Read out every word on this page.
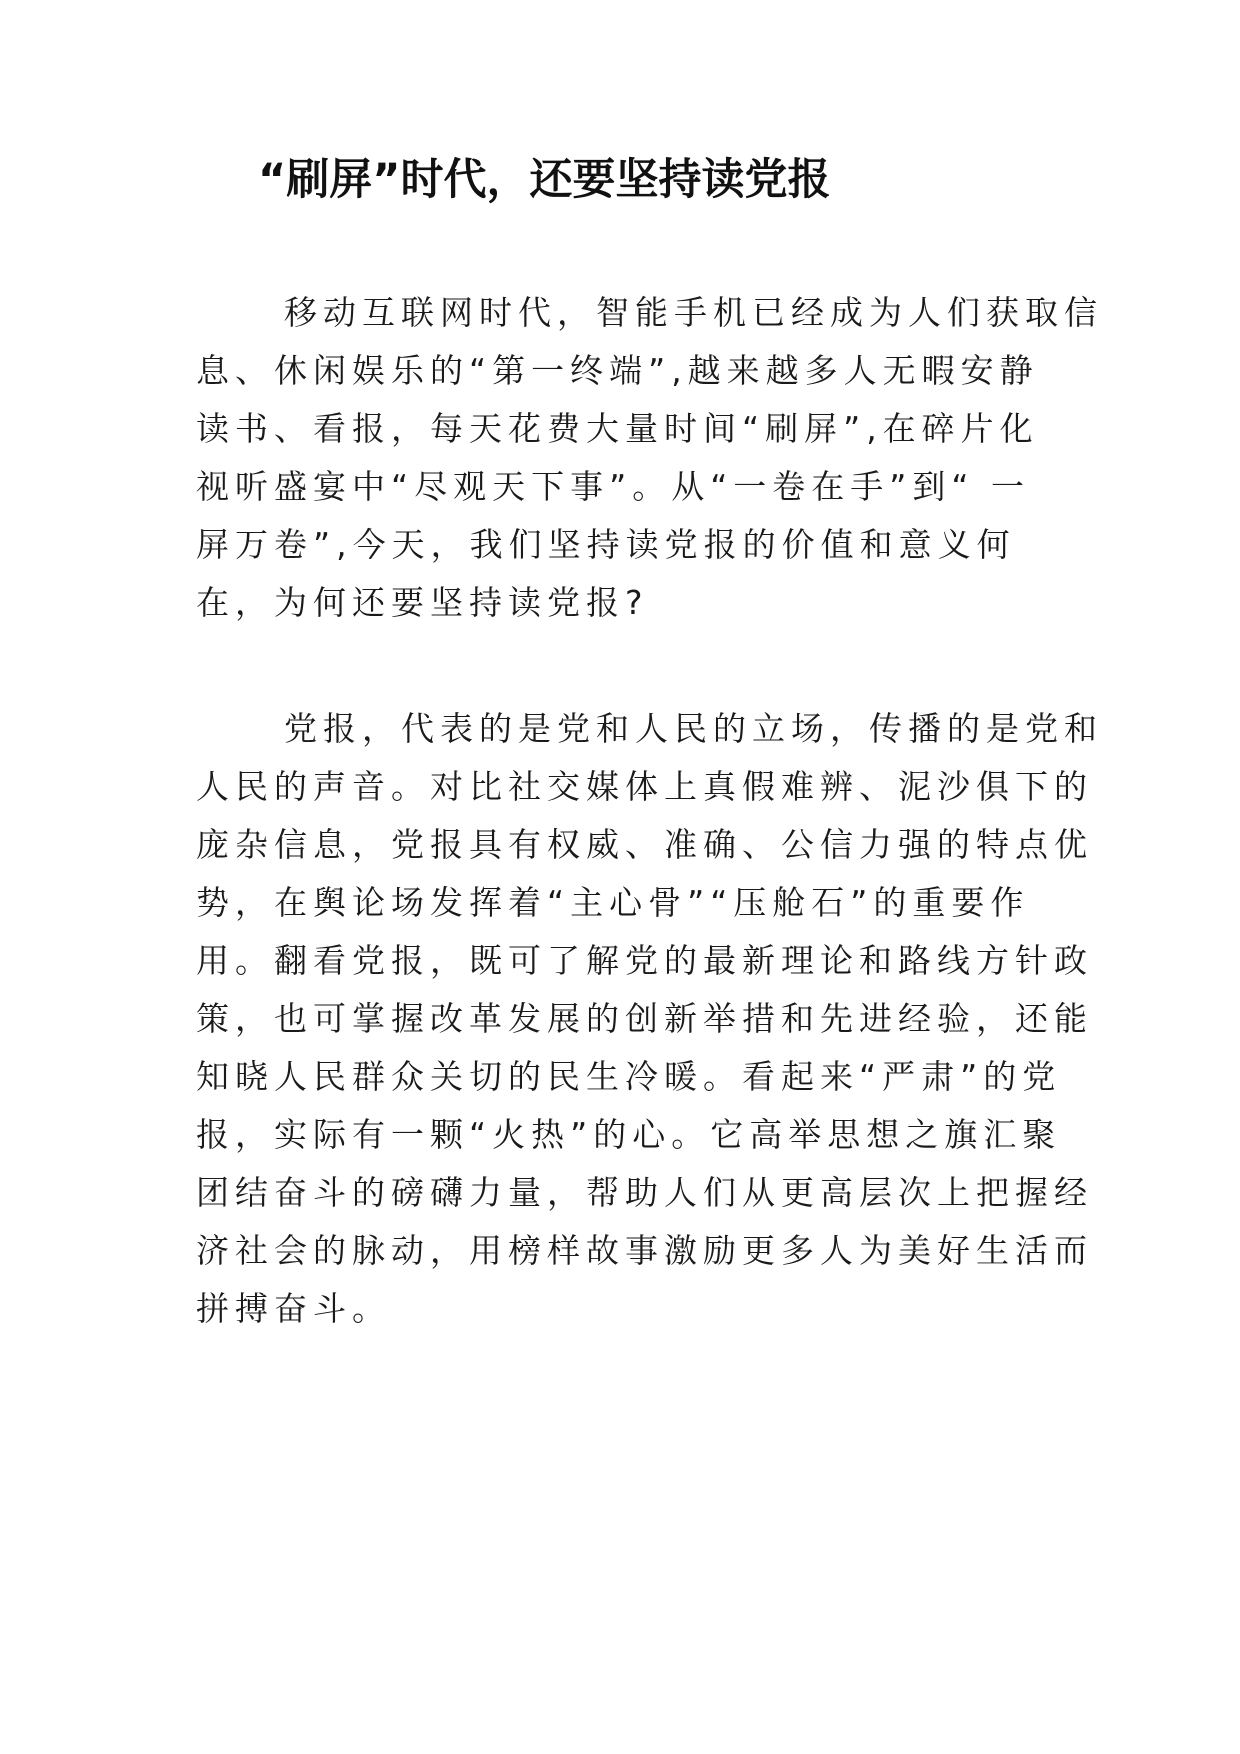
“刷屏”时代，还要坚持读党报
移动互联网时代，智能手机已经成为人们获取信
息、休闲娱乐的“第一终端”,越来越多人无暇安静
读书、看报，每天花费大量时间“刷屏”,在碎片化
视听盛宴中“尽观天下事”。从“一卷在手”到“ 一
屏万卷”,今天，我们坚持读党报的价值和意义何
在，为何还要坚持读党报?
党报，代表的是党和人民的立场，传播的是党和
人民的声音。对比社交媒体上真假难辨、泥沙俱下的
庞杂信息，党报具有权威、准确、公信力强的特点优
势，在舆论场发挥着“主心骨”“压舱石”的重要作
用。翻看党报，既可了解党的最新理论和路线方针政
策，也可掌握改革发展的创新举措和先进经验，还能
知晓人民群众关切的民生冷暖。看起来“严肃”的党
报，实际有一颗“火热”的心。它高举思想之旗汇聚
团结奋斗的磅礴力量，帮助人们从更高层次上把握经
济社会的脉动，用榜样故事激励更多人为美好生活而
拼搏奋斗。
